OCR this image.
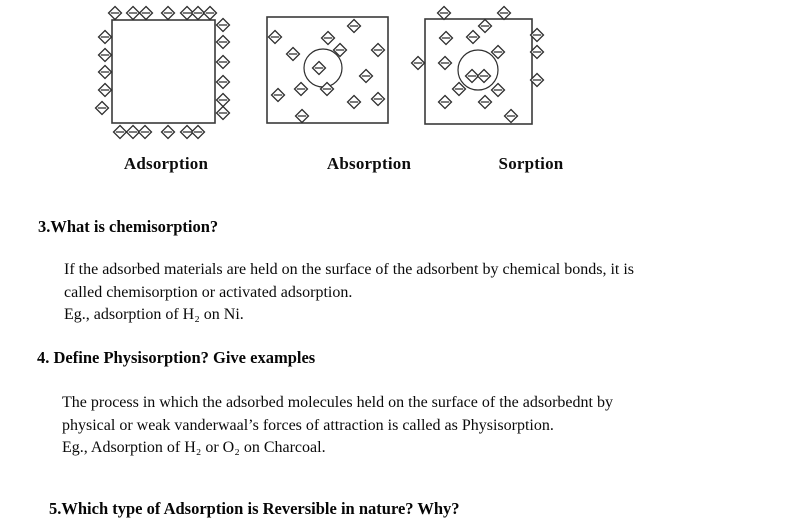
Adsorption	Absorption	Sorption
3.What is chemisorption?
If the adsorbed materials are held on the surface of the adsorbent by chemical bonds, it is
called chemisorption or activated adsorption.
Eg., adsorption of H₂ on Ni.
4. Define Physisorption? Give examples
The process in which the adsorbed molecules held on the surface of the adsorbednt by
physical or weak vanderwaal’s forces of attraction is called as Physisorption.
Eg., Adsorption of H₂ or O₂ on Charcoal.
5.Which type of Adsorption is Reversible in nature? Why?
